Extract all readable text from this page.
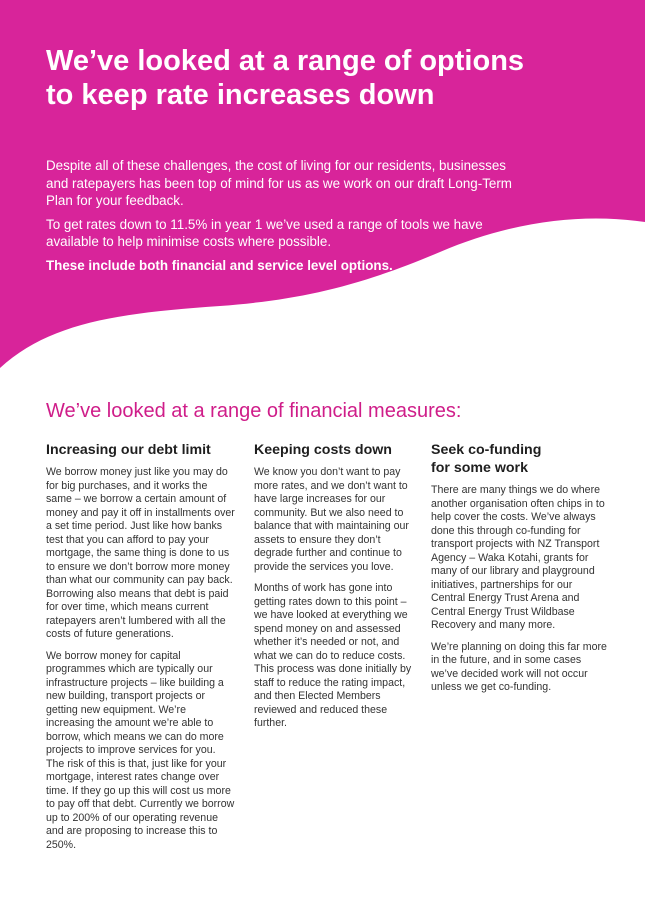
We’ve looked at a range of options
to keep rate increases down

Despite all of these challenges, the cost of living for our residents, businesses and ratepayers has been top of mind for us as we work on our draft Long-Term Plan for your feedback.

To get rates down to 11.5% in year 1 we’ve used a range of tools we have available to help minimise costs where possible.

These include both financial and service level options.

We’ve looked at a range of financial measures:
Increasing our debt limit

We borrow money just like you may do for big purchases, and it works the same – we borrow a certain amount of money and pay it off in installments over a set time period. Just like how banks test that you can afford to pay your mortgage, the same thing is done to us to ensure we don’t borrow more money than what our community can pay back. Borrowing also means that debt is paid for over time, which means current ratepayers aren’t lumbered with all the costs of future generations.

We borrow money for capital programmes which are typically our infrastructure projects – like building a new building, transport projects or getting new equipment. We’re increasing the amount we’re able to borrow, which means we can do more projects to improve services for you. The risk of this is that, just like for your mortgage, interest rates change over time. If they go up this will cost us more to pay off that debt. Currently we borrow up to 200% of our operating revenue and are proposing to increase this to 250%.

Keeping costs down

We know you don’t want to pay more rates, and we don’t want to have large increases for our community. But we also need to balance that with maintaining our assets to ensure they don’t degrade further and continue to provide the services you love.

Months of work has gone into getting rates down to this point – we have looked at everything we spend money on and assessed whether it’s needed or not, and what we can do to reduce costs. This process was done initially by staff to reduce the rating impact, and then Elected Members reviewed and reduced these further.

Seek co-funding
for some work

There are many things we do where another organisation often chips in to help cover the costs. We’ve always done this through co-funding for transport projects with NZ Transport Agency – Waka Kotahi, grants for many of our library and playground initiatives, partnerships for our Central Energy Trust Arena and Central Energy Trust Wildbase Recovery and many more.

We’re planning on doing this far more in the future, and in some cases we’ve decided work will not occur unless we get co-funding.
